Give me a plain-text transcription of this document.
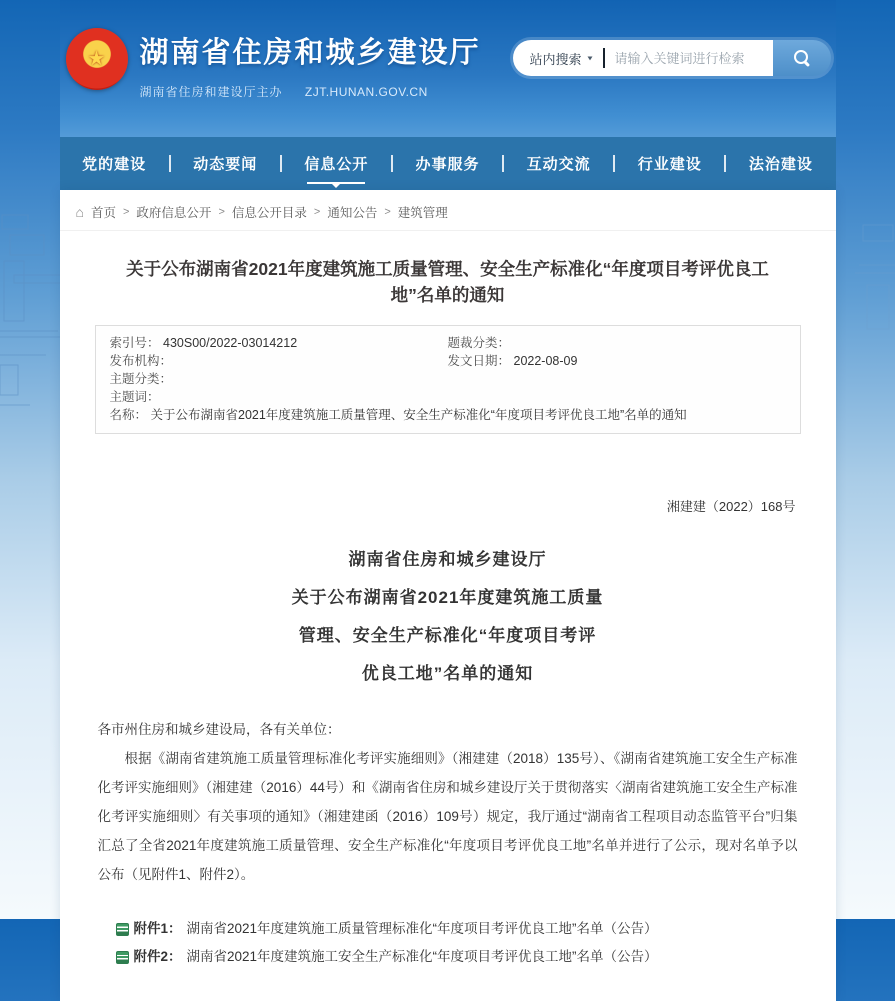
★ 湖南省住房和城乡建设厅
湖南省住房和建设厅主办 ZJT.HUNAN.GOV.CN
站内搜索 ▾
请输入关键词进行检索
党的建设	动态要闻	信息公开	办事服务	互动交流	行业建设	法治建设
⌂ 首页 > 政府信息公开 > 信息公开目录 > 通知公告 > 建筑管理
关于公布湖南省2021年度建筑施工质量管理、安全生产标准化“年度项目考评优良工地”名单的通知
索引号： 430S00/2022-03014212	题裁分类：
发布机构：	发文日期： 2022-08-09
主题分类：
主题词：
名称： 关于公布湖南省2021年度建筑施工质量管理、安全生产标准化“年度项目考评优良工地”名单的通知
湘建建（2022）168号
湖南省住房和城乡建设厅
关于公布湖南省2021年度建筑施工质量
管理、安全生产标准化“年度项目考评
优良工地”名单的通知

各市州住房和城乡建设局，各有关单位：

根据《湖南省建筑施工质量管理标准化考评实施细则》（湘建建（2018）135号）、《湖南省建筑施工安全生产标准化考评实施细则》（湘建建（2016）44号）和《湖南省住房和城乡建设厅关于贯彻落实〈湖南省建筑施工安全生产标准化考评实施细则〉有关事项的通知》（湘建建函（2016）109号）规定，我厅通过“湖南省工程项目动态监管平台”归集汇总了全省2021年度建筑施工质量管理、安全生产标准化“年度项目考评优良工地”名单并进行了公示，现对名单予以公布（见附件1、附件2）。

附件1： 湖南省2021年度建筑施工质量管理标准化“年度项目考评优良工地”名单（公告）
附件2： 湖南省2021年度建筑施工安全生产标准化“年度项目考评优良工地”名单（公告）
